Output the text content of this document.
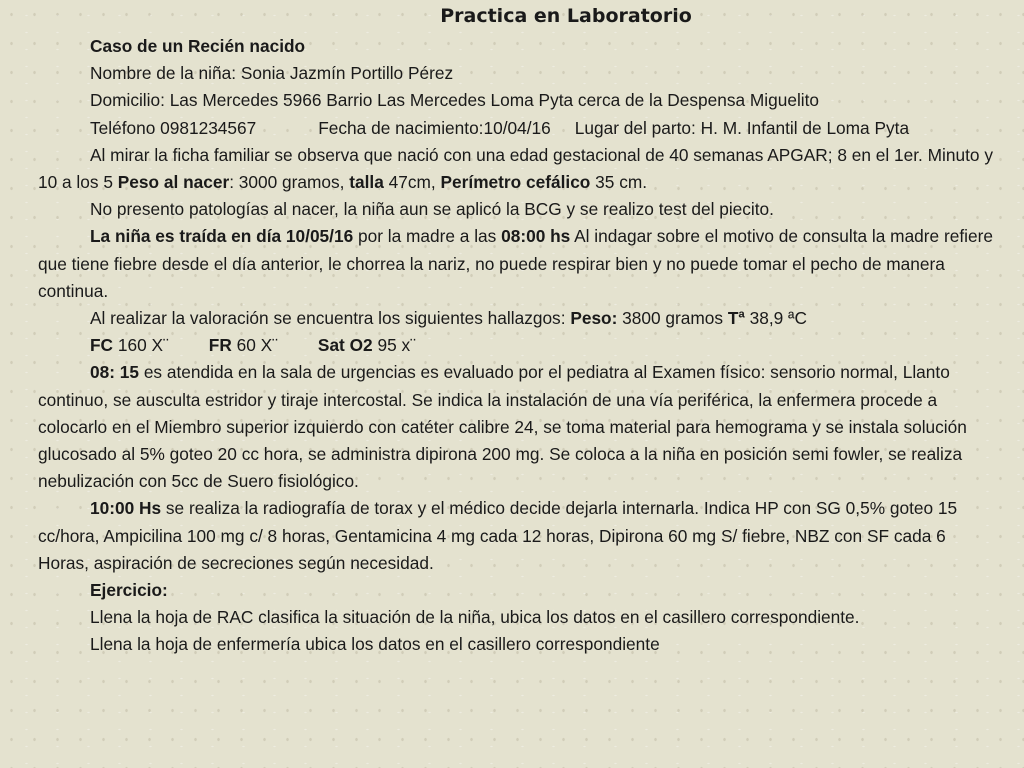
Practica en Laboratorio

Caso de un Recién nacido

Nombre de la niña: Sonia Jazmín Portillo Pérez

Domicilio: Las Mercedes 5966 Barrio Las Mercedes Loma Pyta cerca de la Despensa Miguelito

Teléfono 0981234567	Fecha de nacimiento:10/04/16 Lugar del parto: H. M. Infantil de Loma Pyta

Al mirar la ficha familiar se observa que nació con una edad gestacional de 40 semanas APGAR; 8 en el 1er. Minuto y 10 a los 5 Peso al nacer: 3000 gramos, talla 47cm, Perímetro cefálico 35 cm.

No presento patologías al nacer, la niña aun se aplicó la BCG y se realizo test del piecito.

La niña es traída en día 10/05/16 por la madre a las 08:00 hs Al indagar sobre el motivo de consulta la madre refiere que tiene fiebre desde el día anterior, le chorrea la nariz, no puede respirar bien y no puede tomar el pecho de manera continua.

Al realizar la valoración se encuentra los siguientes hallazgos: Peso: 3800 gramos Tª 38,9 ªC

FC 160 X¨ FR 60 X¨ Sat O2 95 x¨

08: 15 es atendida en la sala de urgencias es evaluado por el pediatra al Examen físico: sensorio normal, Llanto continuo, se ausculta estridor y tiraje intercostal. Se indica la instalación de una vía periférica, la enfermera procede a colocarlo en el Miembro superior izquierdo con catéter calibre 24, se toma material para hemograma y se instala solución glucosado al 5% goteo 20 cc hora, se administra dipirona 200 mg. Se coloca a la niña en posición semi fowler, se realiza nebulización con 5cc de Suero fisiológico.

10:00 Hs se realiza la radiografía de torax y el médico decide dejarla internarla. Indica HP con SG 0,5% goteo 15 cc/hora, Ampicilina 100 mg c/ 8 horas, Gentamicina 4 mg cada 12 horas, Dipirona 60 mg S/ fiebre, NBZ con SF cada 6 Horas, aspiración de secreciones según necesidad.

Ejercicio:

Llena la hoja de RAC clasifica la situación de la niña, ubica los datos en el casillero correspondiente.

Llena la hoja de enfermería ubica los datos en el casillero correspondiente
